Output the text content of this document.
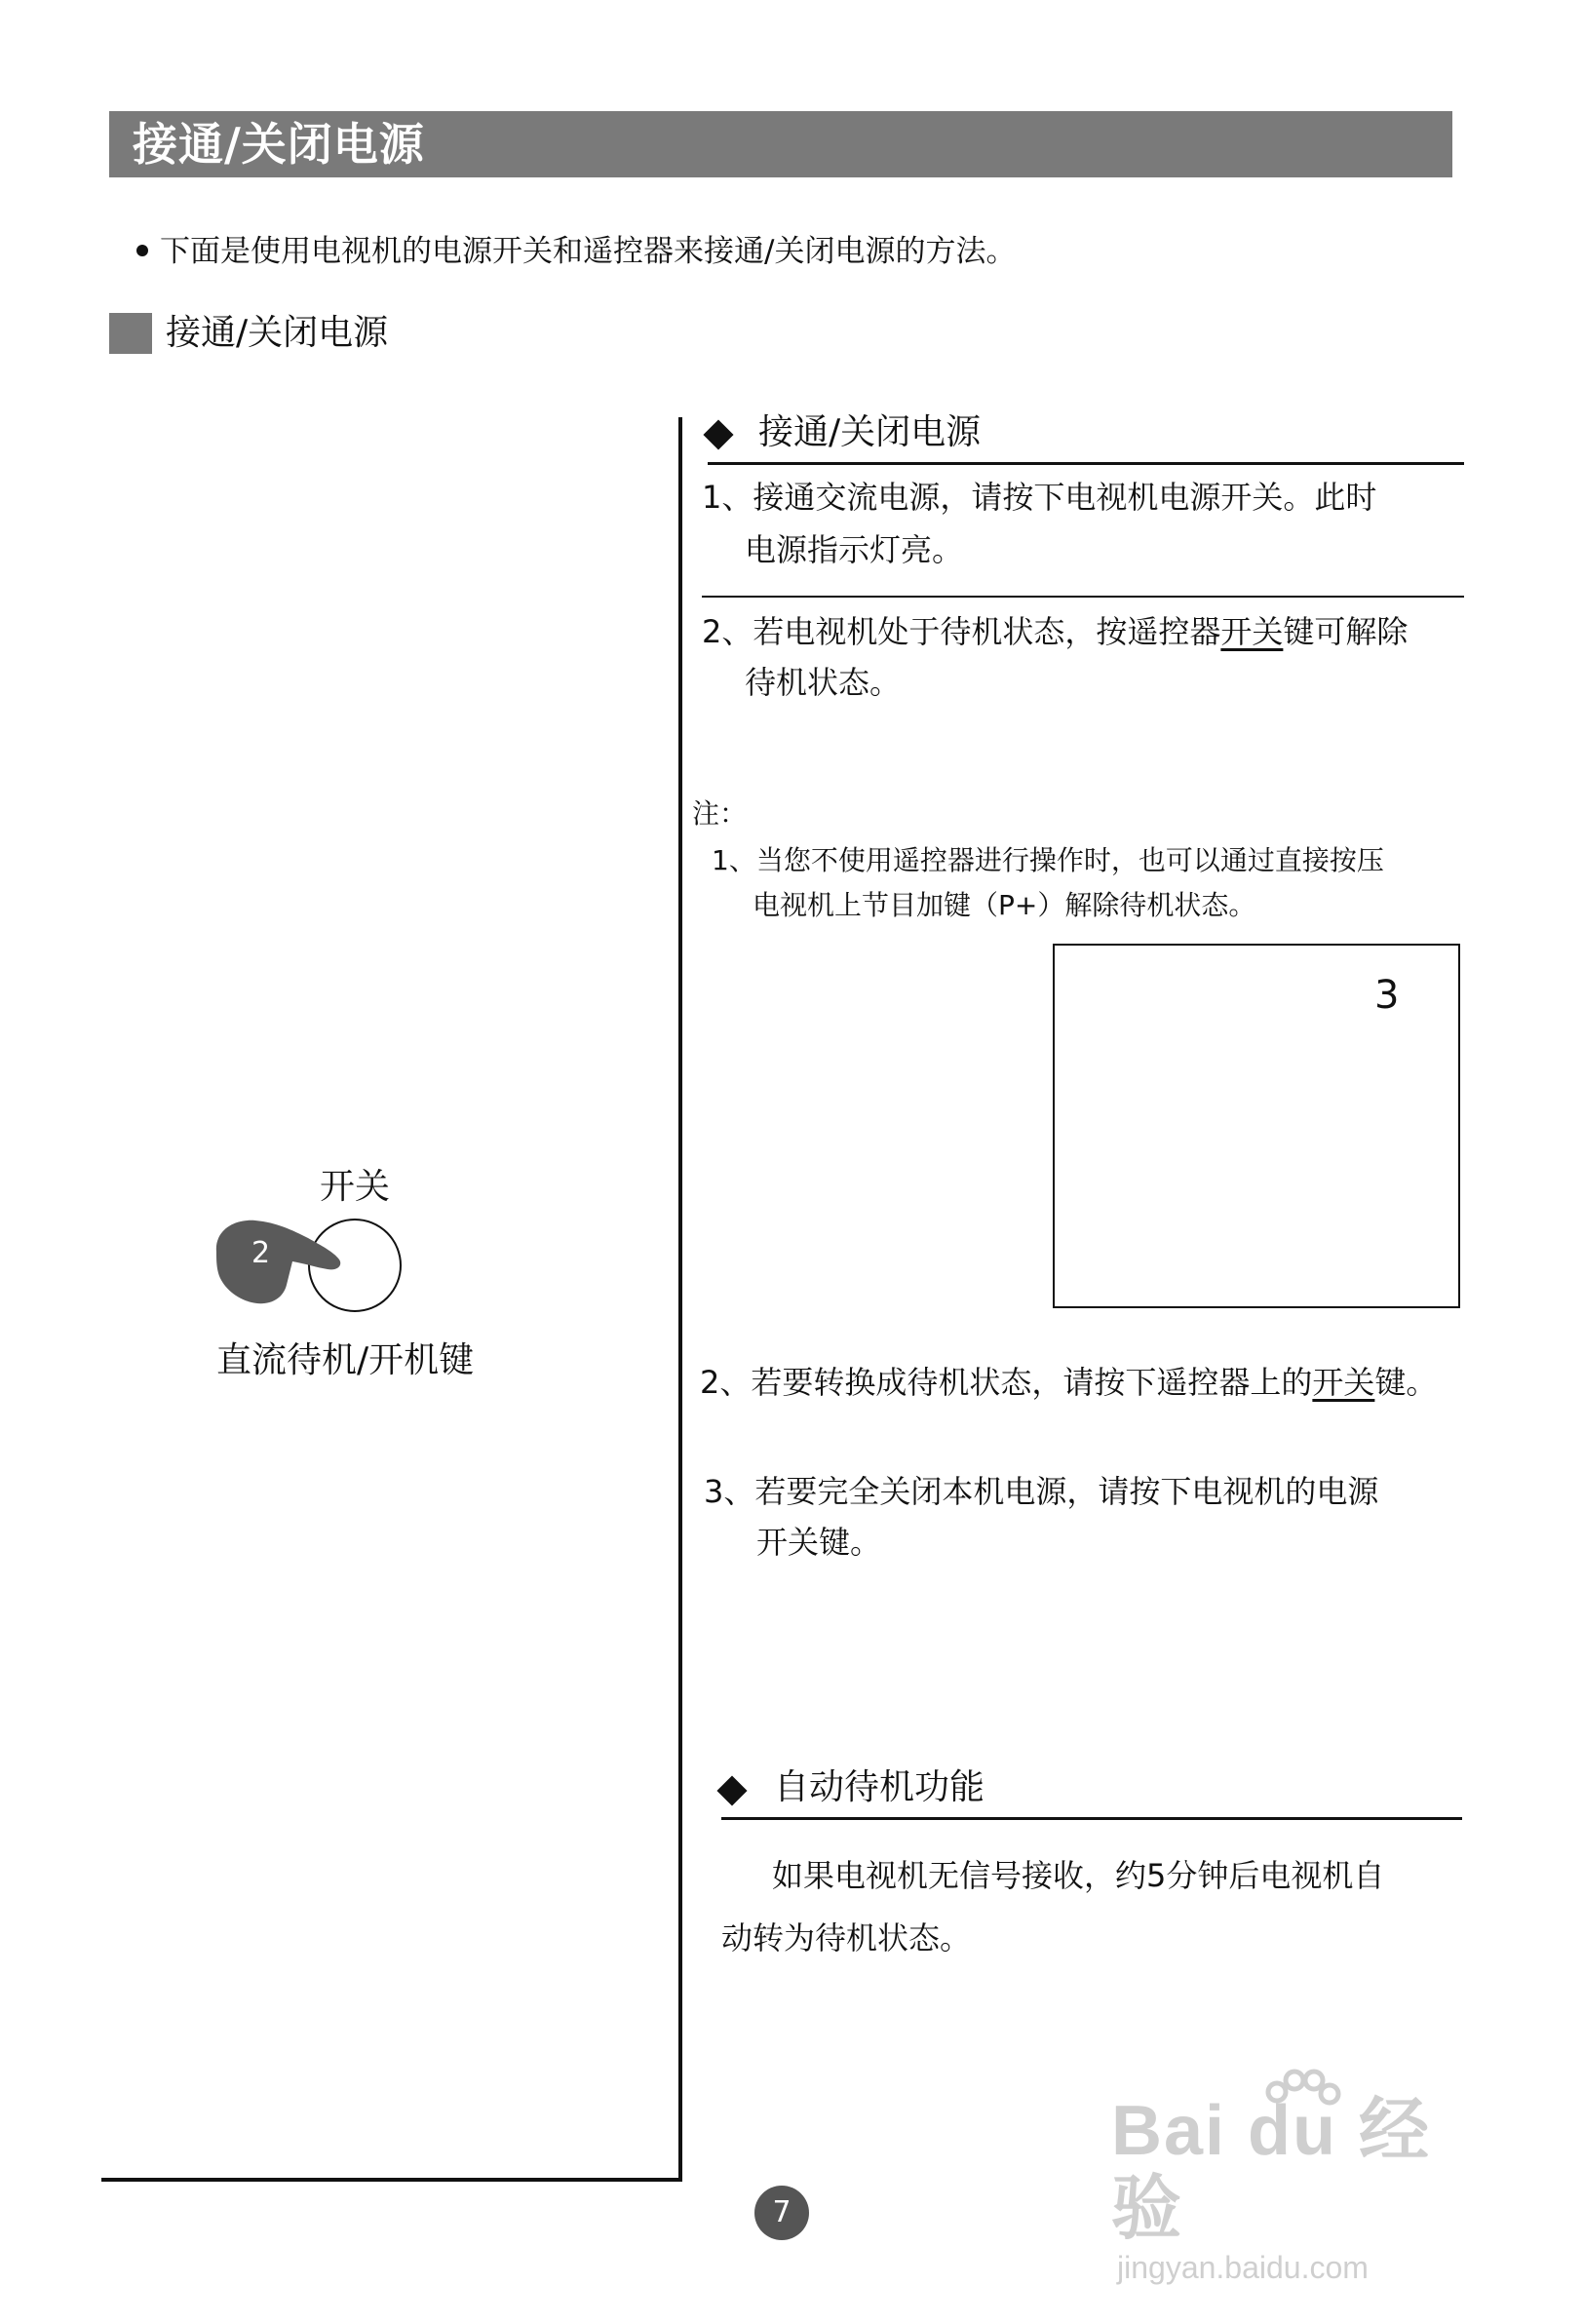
接通/关闭电源
下面是使用电视机的电源开关和遥控器来接通/关闭电源的方法。
接通/关闭电源
开关
2
直流待机/开机键
接通/关闭电源
1、接通交流电源，请按下电视机电源开关。此时
电源指示灯亮。
2、若电视机处于待机状态，按遥控器开关键可解除
待机状态。
注：
1、当您不使用遥控器进行操作时，也可以通过直接按压
电视机上节目加键（P+）解除待机状态。
3
2、若要转换成待机状态，请按下遥控器上的开关键。
3、若要完全关闭本机电源，请按下电视机的电源
开关键。
自动待机功能
如果电视机无信号接收，约5分钟后电视机自
动转为待机状态。
7
Bai du 经验
jingyan.baidu.com
